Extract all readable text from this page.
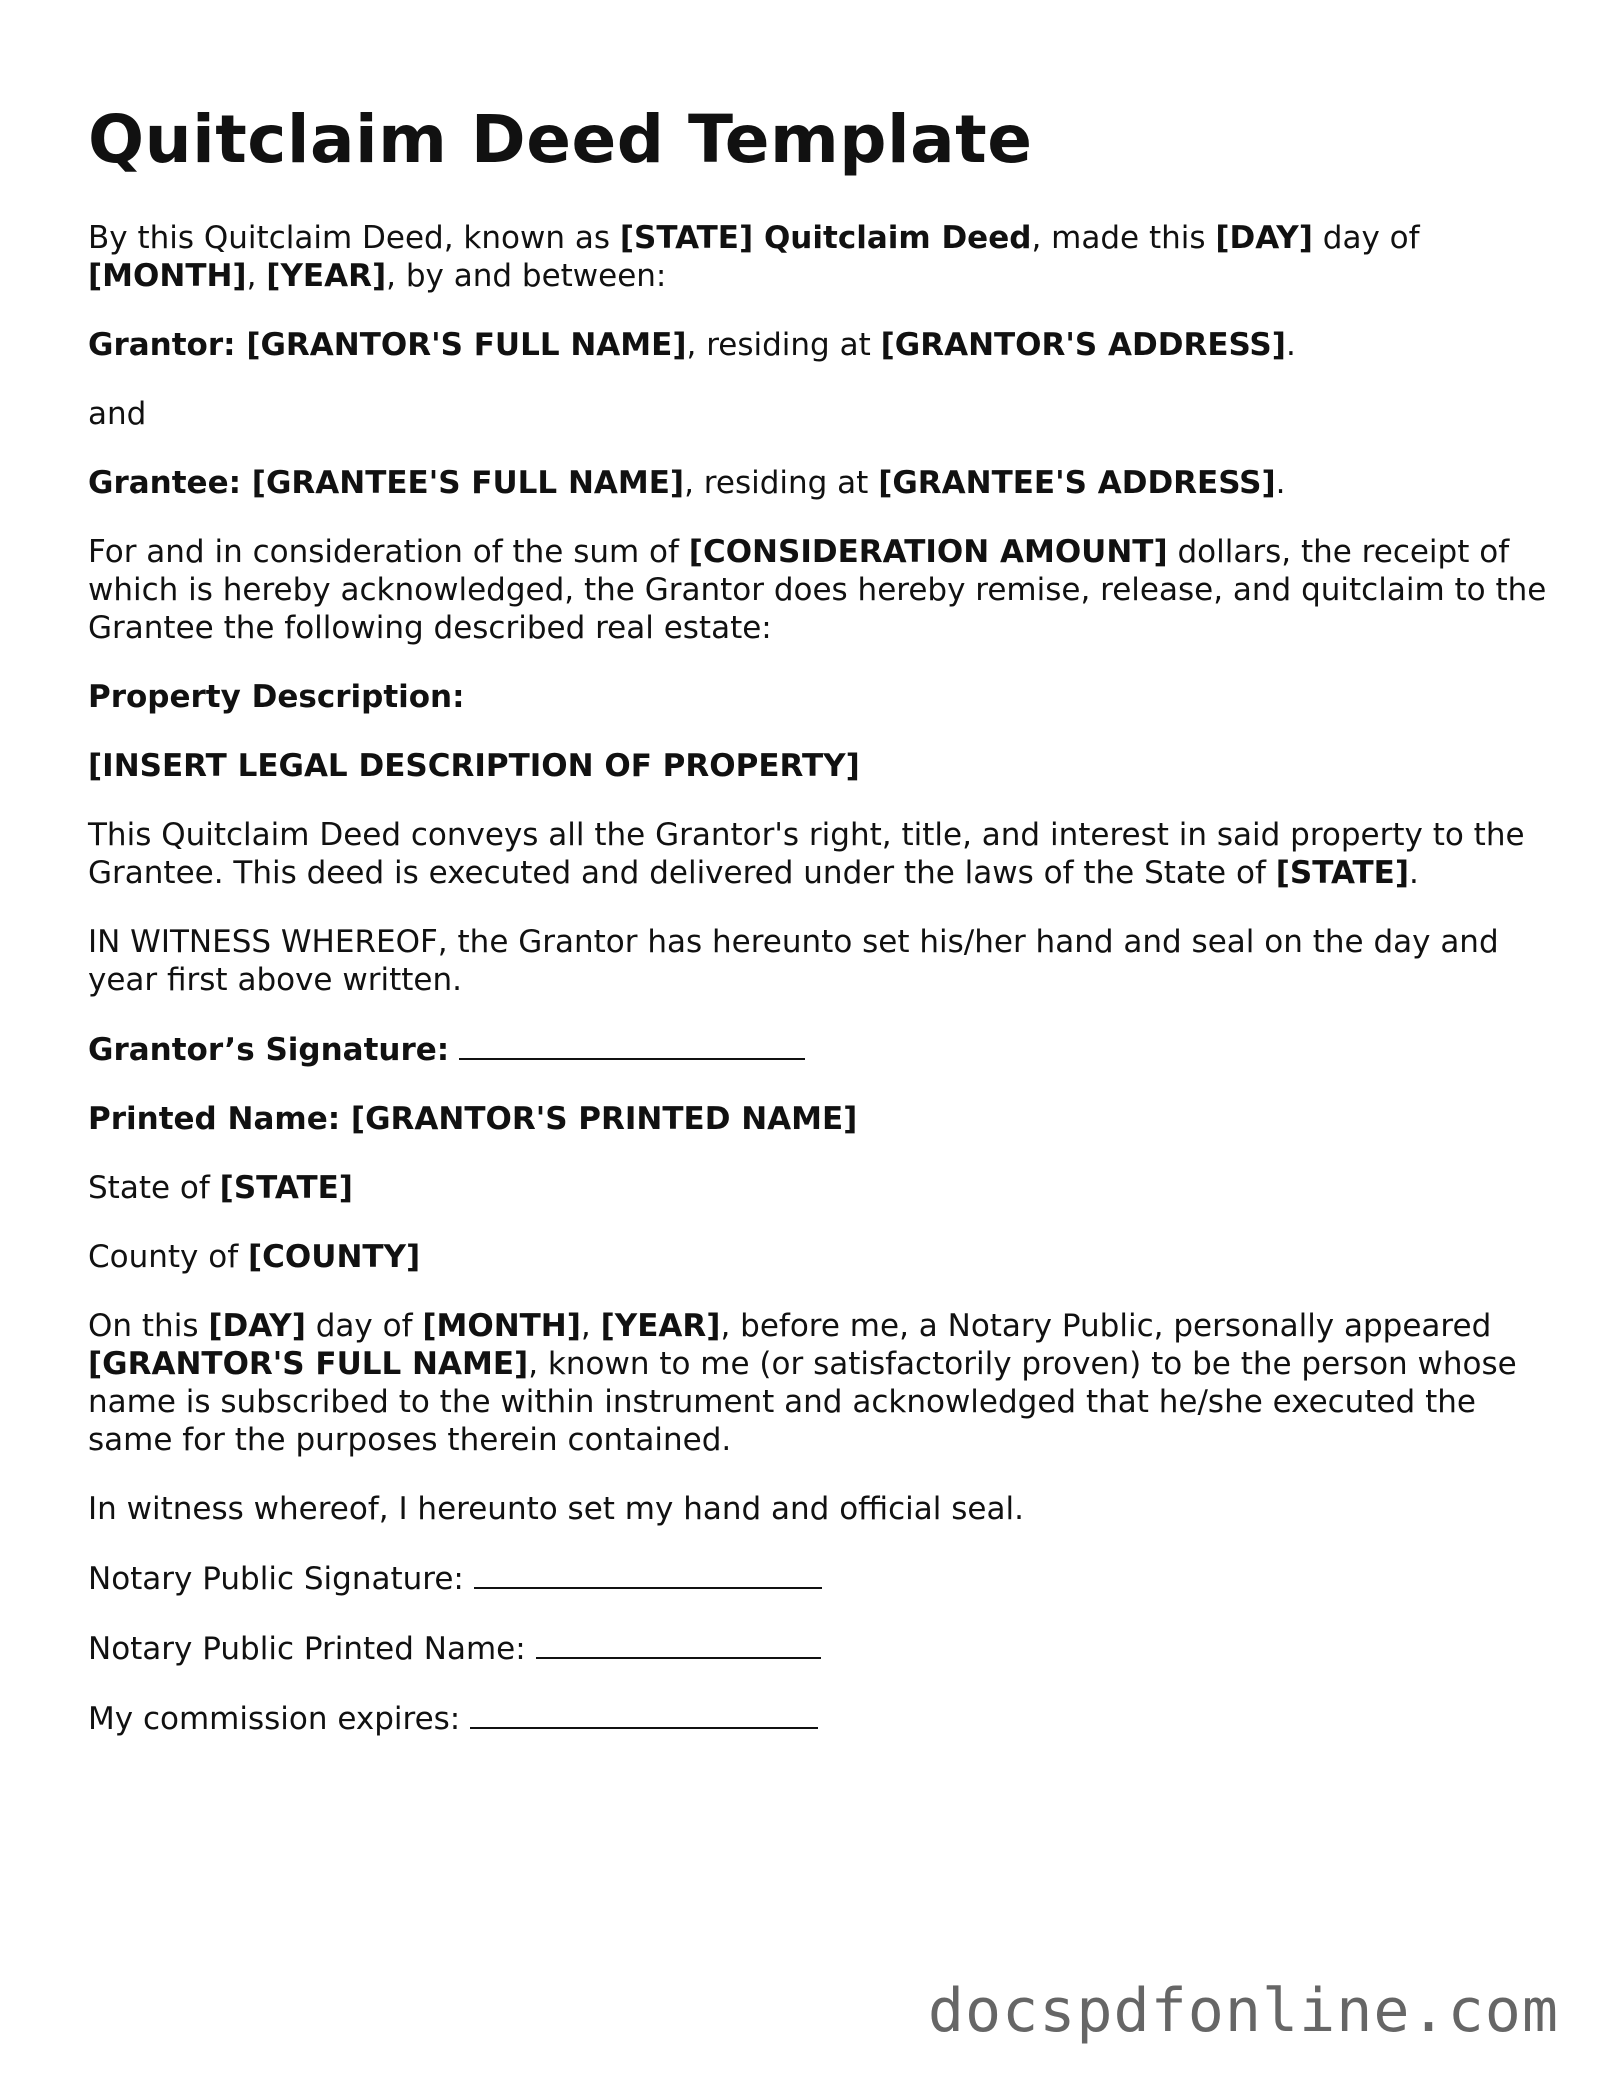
Quitclaim Deed Template

By this Quitclaim Deed, known as [STATE] Quitclaim Deed, made this [DAY] day of [MONTH], [YEAR], by and between:

Grantor: [GRANTOR'S FULL NAME], residing at [GRANTOR'S ADDRESS].

and

Grantee: [GRANTEE'S FULL NAME], residing at [GRANTEE'S ADDRESS].

For and in consideration of the sum of [CONSIDERATION AMOUNT] dollars, the receipt of which is hereby acknowledged, the Grantor does hereby remise, release, and quitclaim to the Grantee the following described real estate:

Property Description:

[INSERT LEGAL DESCRIPTION OF PROPERTY]

This Quitclaim Deed conveys all the Grantor's right, title, and interest in said property to the Grantee. This deed is executed and delivered under the laws of the State of [STATE].

IN WITNESS WHEREOF, the Grantor has hereunto set his/her hand and seal on the day and year first above written.

Grantor’s Signature:

Printed Name: [GRANTOR'S PRINTED NAME]

State of [STATE]

County of [COUNTY]

On this [DAY] day of [MONTH], [YEAR], before me, a Notary Public, personally appeared [GRANTOR'S FULL NAME], known to me (or satisfactorily proven) to be the person whose name is subscribed to the within instrument and acknowledged that he/she executed the same for the purposes therein contained.

In witness whereof, I hereunto set my hand and official seal.

Notary Public Signature:

Notary Public Printed Name:

My commission expires:

docspdfonline.com
